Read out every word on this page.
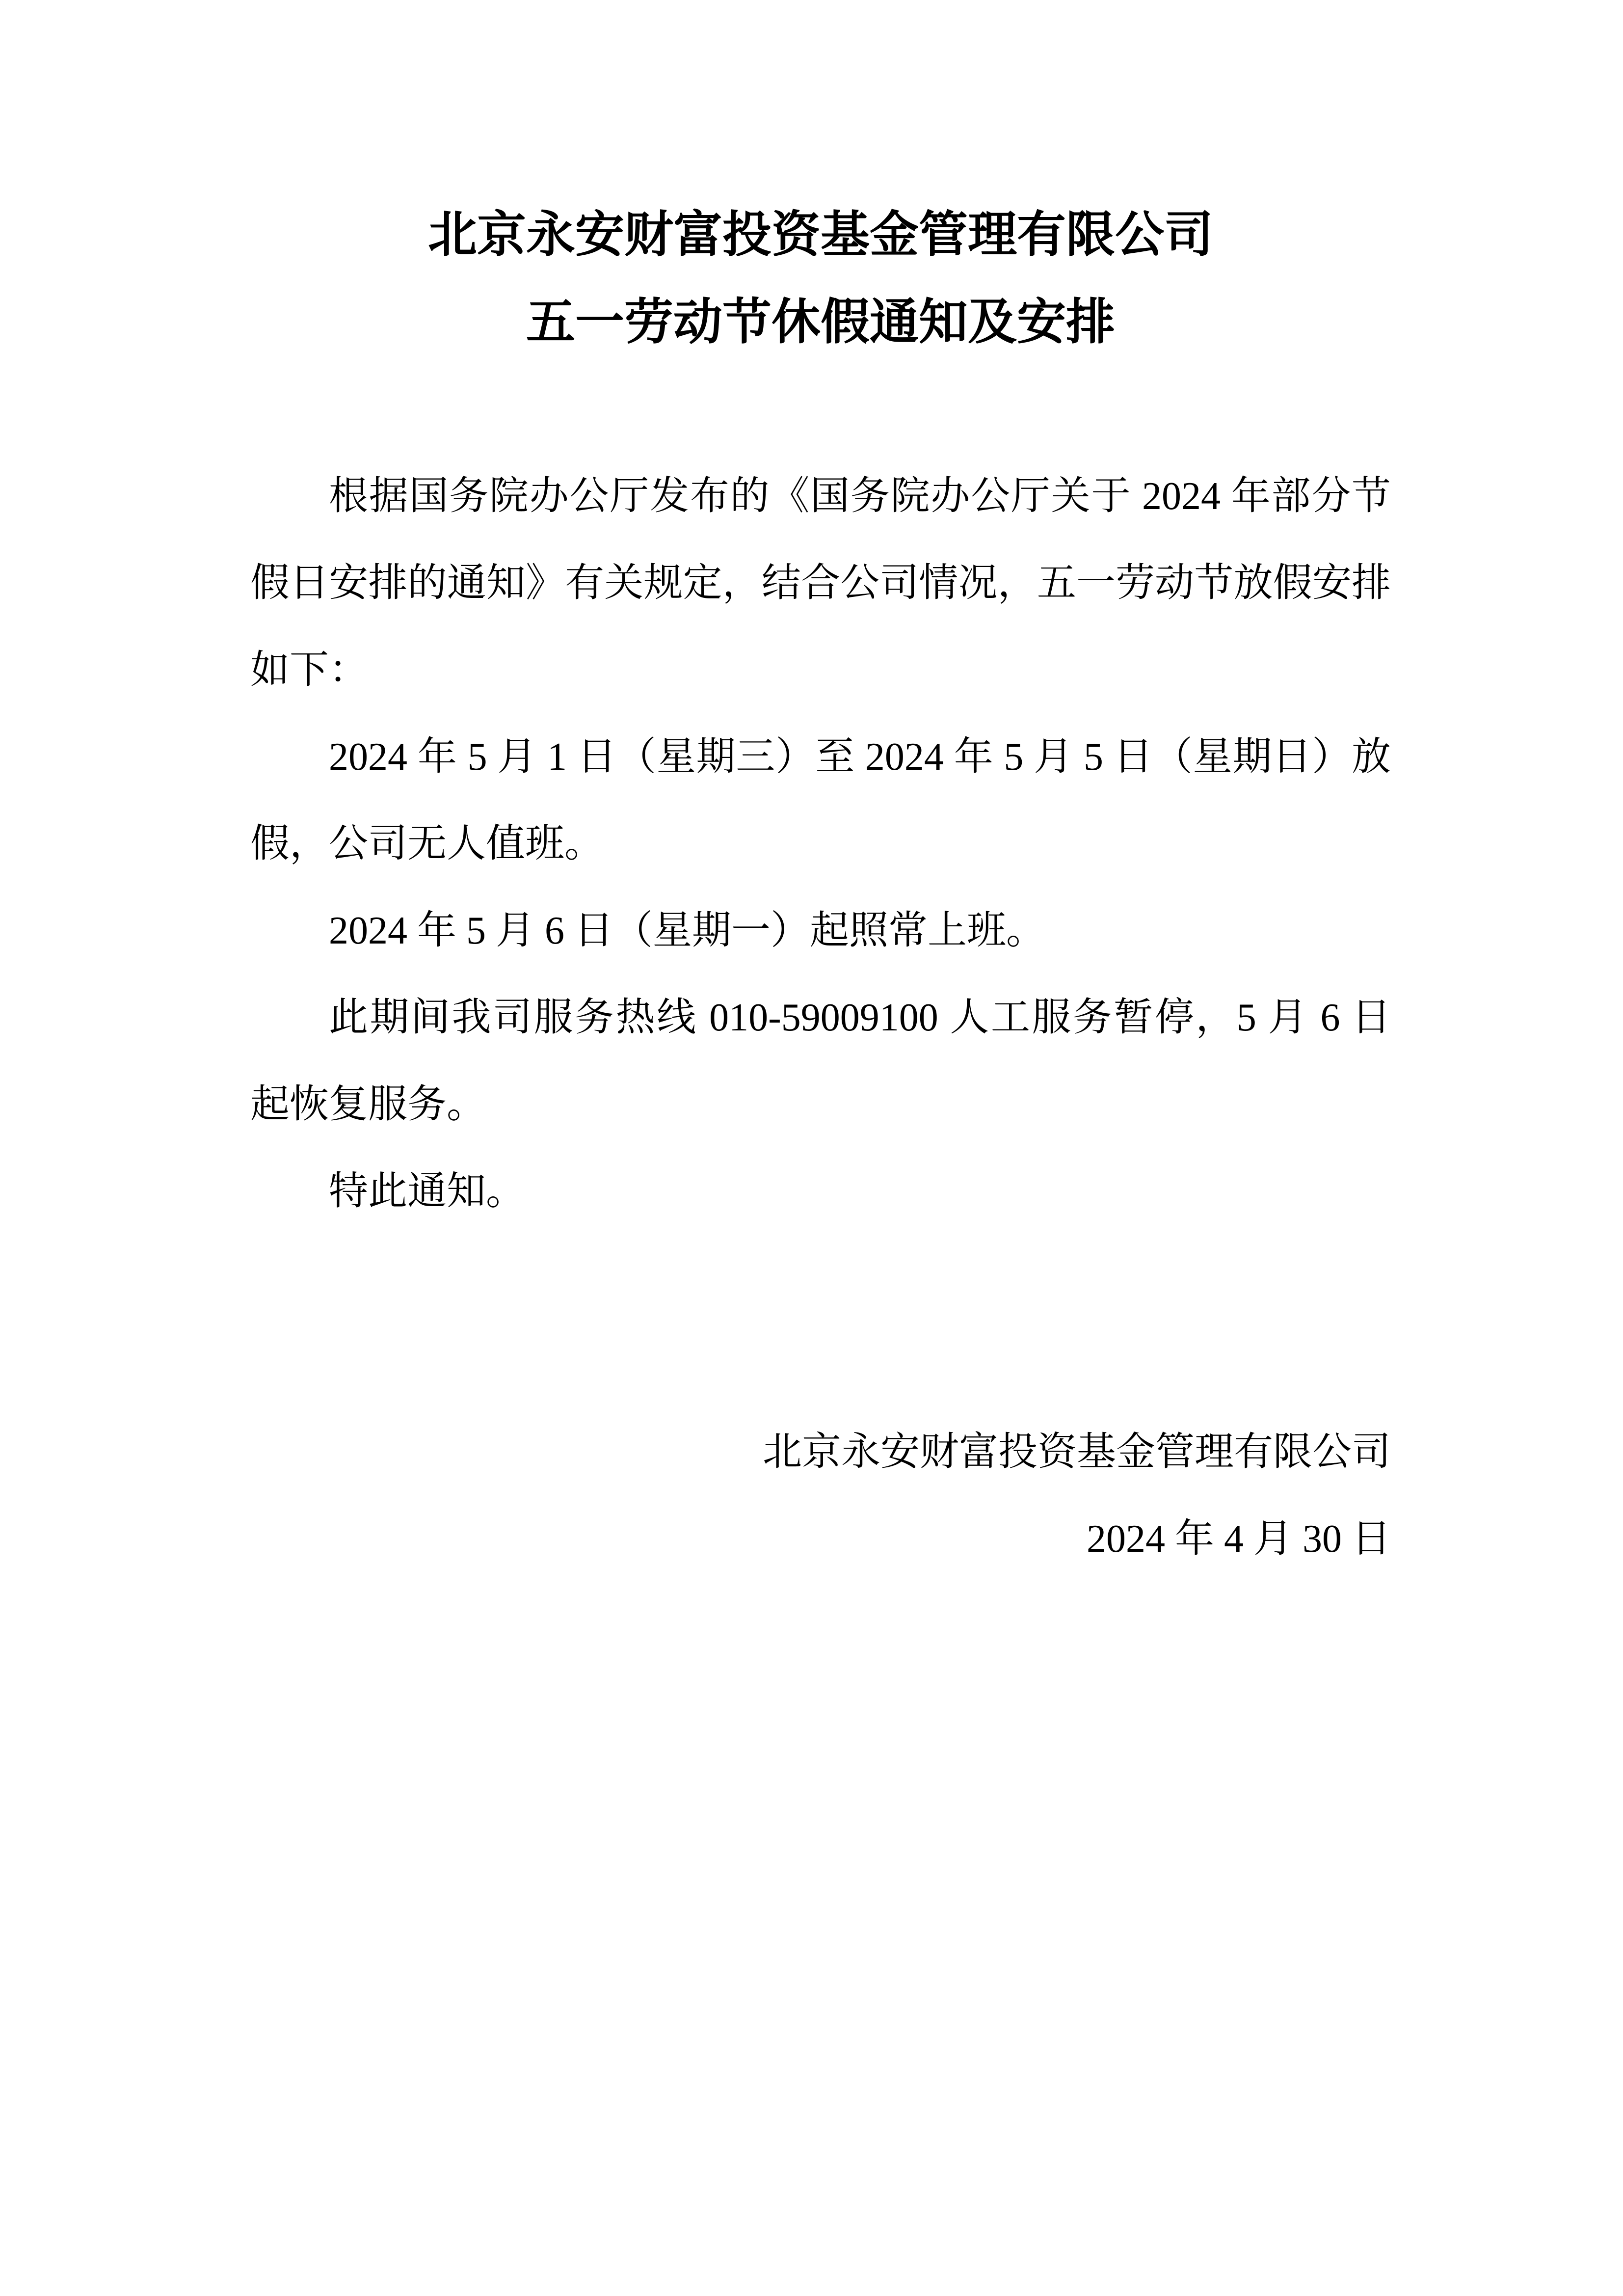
北京永安财富投资基金管理有限公司
五一劳动节休假通知及安排

根据国务院办公厅发布的《国务院办公厅关于 2024 年部分节假日安排的通知》有关规定，结合公司情况，五一劳动节放假安排如下：

2024 年 5 月 1 日（星期三）至 2024 年 5 月 5 日（星期日）放假，公司无人值班。

2024 年 5 月 6 日（星期一）起照常上班。

此期间我司服务热线 010-59009100 人工服务暂停，5 月 6 日起恢复服务。

特此通知。

北京永安财富投资基金管理有限公司
2024 年 4 月 30 日
